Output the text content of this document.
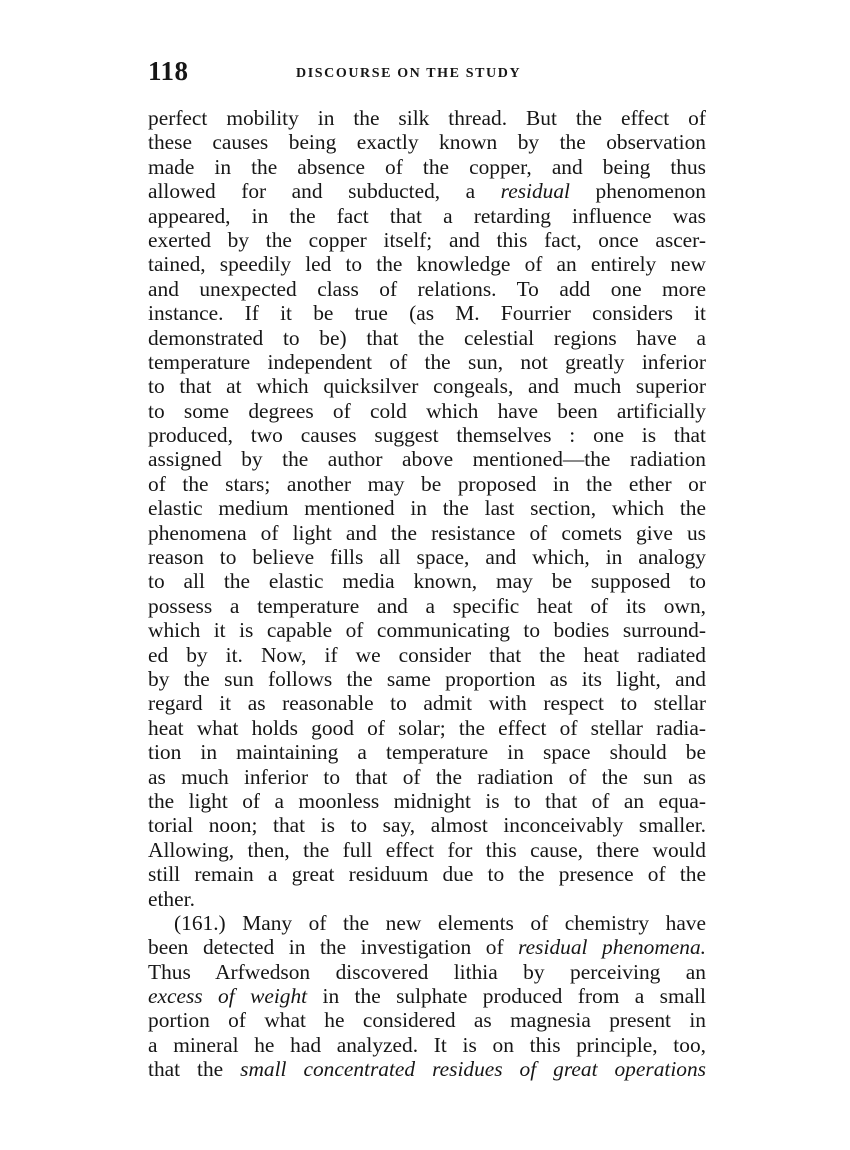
118	DISCOURSE ON THE STUDY
perfect mobility in the silk thread. But the effect of
these causes being exactly known by the observation
made in the absence of the copper, and being thus
allowed for and subducted, a residual phenomenon
appeared, in the fact that a retarding influence was
exerted by the copper itself; and this fact, once ascer-
tained, speedily led to the knowledge of an entirely new
and unexpected class of relations. To add one more
instance. If it be true (as M. Fourrier considers it
demonstrated to be) that the celestial regions have a
temperature independent of the sun, not greatly inferior
to that at which quicksilver congeals, and much superior
to some degrees of cold which have been artificially
produced, two causes suggest themselves : one is that
assigned by the author above mentioned—the radiation
of the stars; another may be proposed in the ether or
elastic medium mentioned in the last section, which the
phenomena of light and the resistance of comets give us
reason to believe fills all space, and which, in analogy
to all the elastic media known, may be supposed to
possess a temperature and a specific heat of its own,
which it is capable of communicating to bodies surround-
ed by it. Now, if we consider that the heat radiated
by the sun follows the same proportion as its light, and
regard it as reasonable to admit with respect to stellar
heat what holds good of solar; the effect of stellar radia-
tion in maintaining a temperature in space should be
as much inferior to that of the radiation of the sun as
the light of a moonless midnight is to that of an equa-
torial noon; that is to say, almost inconceivably smaller.
Allowing, then, the full effect for this cause, there would
still remain a great residuum due to the presence of the
ether.
(161.) Many of the new elements of chemistry have
been detected in the investigation of residual phenomena.
Thus Arfwedson discovered lithia by perceiving an
excess of weight in the sulphate produced from a small
portion of what he considered as magnesia present in
a mineral he had analyzed. It is on this principle, too,
that the small concentrated residues of great operations
